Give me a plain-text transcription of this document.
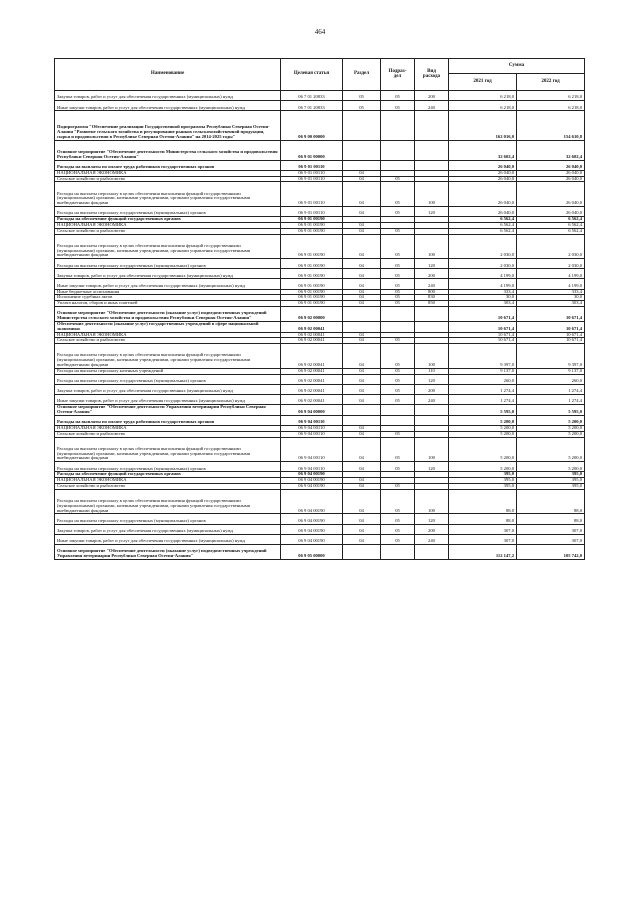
464
Наименование	Целевая статья	Раздел	Подраз-
дел	Вид
расхода	Сумма	
					2021 год	2022 год
Закупка товаров, работ и услуг для обеспечения государственных (муниципальных) нужд	06 7 01 20833	05	05	200	6 218,0	6 218,0
Иные закупки товаров, работ и услуг для обеспечения государственных (муниципальных) нужд	06 7 01 20833	05	05	240	6 218,0	6 218,0
Подпрограмма "Обеспечение реализации Государственной программы Республики Северная Осетия-Алания "Развитие сельского хозяйства и регулирование рынков сельскохозяйственной продукции, сырья и продовольствия в Республике Северная Осетия-Алания" на 2014-2025 годы"	06 9 00 00000				162 016,0	154 610,8
Основное мероприятие "Обеспечение деятельности Министерства сельского хозяйства и продовольствия Республики Северная Осетия-Алания"	06 9 01 00000				32 602,4	32 602,4
Расходы на выплаты по оплате труда работников государственных органов	06 9 01 00110				26 040,0	26 040,0
НАЦИОНАЛЬНАЯ ЭКОНОМИКА	06 9 01 00110	04			26 040,0	26 040,0
Сельское хозяйство и рыболовство	06 9 01 00110	04	05		26 040,0	26 040,0
Расходы на выплаты персоналу в целях обеспечения выполнения функций государственными (муниципальными) органами, казенными учреждениями, органами управления государственными внебюджетными фондами	06 9 01 00110	04	05	100	26 040,0	26 040,0
Расходы на выплаты персоналу государственных (муниципальных) органов	06 9 01 00110	04	05	120	26 040,0	26 040,0
Расходы на обеспечение функций государственных органов	06 9 01 00190				6 562,4	6 562,4
НАЦИОНАЛЬНАЯ ЭКОНОМИКА	06 9 01 00190	04			6 562,4	6 562,4
Сельское хозяйство и рыболовство	06 9 01 00190	04	05		6 562,4	6 562,4
Расходы на выплаты персоналу в целях обеспечения выполнения функций государственными (муниципальными) органами, казенными учреждениями, органами управления государственными внебюджетными фондами	06 9 01 00190	04	05	100	2 030,0	2 030,0
Расходы на выплаты персоналу государственных (муниципальных) органов	06 9 01 00190	04	05	120	2 030,0	2 030,0
Закупка товаров, работ и услуг для обеспечения государственных (муниципальных) нужд	06 9 01 00190	04	05	200	4 199,0	4 199,0
Иные закупки товаров, работ и услуг для обеспечения государственных (муниципальных) нужд	06 9 01 00190	04	05	240	4 199,0	4 199,0
Иные бюджетные ассигнования	06 9 01 00190	04	05	800	333,4	333,4
Исполнение судебных актов	06 9 01 00190	04	05	830	30,0	30,0
Уплата налогов, сборов и иных платежей	06 9 01 00190	04	05	850	303,4	303,4
Основное мероприятие "Обеспечение деятельности (оказание услуг) подведомственных учреждений Министерства сельского хозяйства и продовольствия Республики Северная Осетия-Алания"	06 9 02 00000				10 671,4	10 671,4
Обеспечение деятельности (оказание услуг) государственных учреждений в сфере национальной экономики	06 9 02 00041				10 671,4	10 671,4
НАЦИОНАЛЬНАЯ ЭКОНОМИКА	06 9 02 00041	04			10 671,4	10 671,4
Сельское хозяйство и рыболовство	06 9 02 00041	04	05		10 671,4	10 671,4
Расходы на выплаты персоналу в целях обеспечения выполнения функций государственными (муниципальными) органами, казенными учреждениями, органами управления государственными внебюджетными фондами	06 9 02 00041	04	05	100	9 397,0	9 397,0
Расходы на выплаты персоналу казенных учреждений	06 9 02 00041	04	05	110	9 137,0	9 137,0
Расходы на выплаты персоналу государственных (муниципальных) органов	06 9 02 00041	04	05	120	260,0	260,0
Закупка товаров, работ и услуг для обеспечения государственных (муниципальных) нужд	06 9 02 00041	04	05	200	1 274,4	1 274,4
Иные закупки товаров, работ и услуг для обеспечения государственных (муниципальных) нужд	06 9 02 00041	04	05	240	1 274,4	1 274,4
Основное мероприятие "Обеспечение деятельности Управления ветеринарии Республики Северная Осетия-Алания"	06 9 04 00000				5 595,0	5 595,0
Расходы на выплаты по оплате труда работников государственных органов	06 9 04 00110				5 200,0	5 200,0
НАЦИОНАЛЬНАЯ ЭКОНОМИКА	06 9 04 00110	04			5 200,0	5 200,0
Сельское хозяйство и рыболовство	06 9 04 00110	04	05		5 200,0	5 200,0
Расходы на выплаты персоналу в целях обеспечения выполнения функций государственными (муниципальными) органами, казенными учреждениями, органами управления государственными внебюджетными фондами	06 9 04 00110	04	05	100	5 200,0	5 200,0
Расходы на выплаты персоналу государственных (муниципальных) органов	06 9 04 00110	04	05	120	5 200,0	5 200,0
Расходы на обеспечение функций государственных органов	06 9 04 00190				395,0	395,0
НАЦИОНАЛЬНАЯ ЭКОНОМИКА	06 9 04 00190	04			395,0	395,0
Сельское хозяйство и рыболовство	06 9 04 00190	04	05		395,0	395,0
Расходы на выплаты персоналу в целях обеспечения выполнения функций государственными (муниципальными) органами, казенными учреждениями, органами управления государственными внебюджетными фондами	06 9 04 00190	04	05	100	88,0	88,0
Расходы на выплаты персоналу государственных (муниципальных) органов	06 9 04 00190	04	05	120	88,0	88,0
Закупка товаров, работ и услуг для обеспечения государственных (муниципальных) нужд	06 9 04 00190	04	05	200	307,0	307,0
Иные закупки товаров, работ и услуг для обеспечения государственных (муниципальных) нужд	06 9 04 00190	04	05	240	307,0	307,0
Основное мероприятие "Обеспечение деятельности (оказание услуг) подведомственных учреждений Управления ветеринарии Республики Северная Осетия-Алания"	06 9 05 00000				112 147,2	105 742,0
